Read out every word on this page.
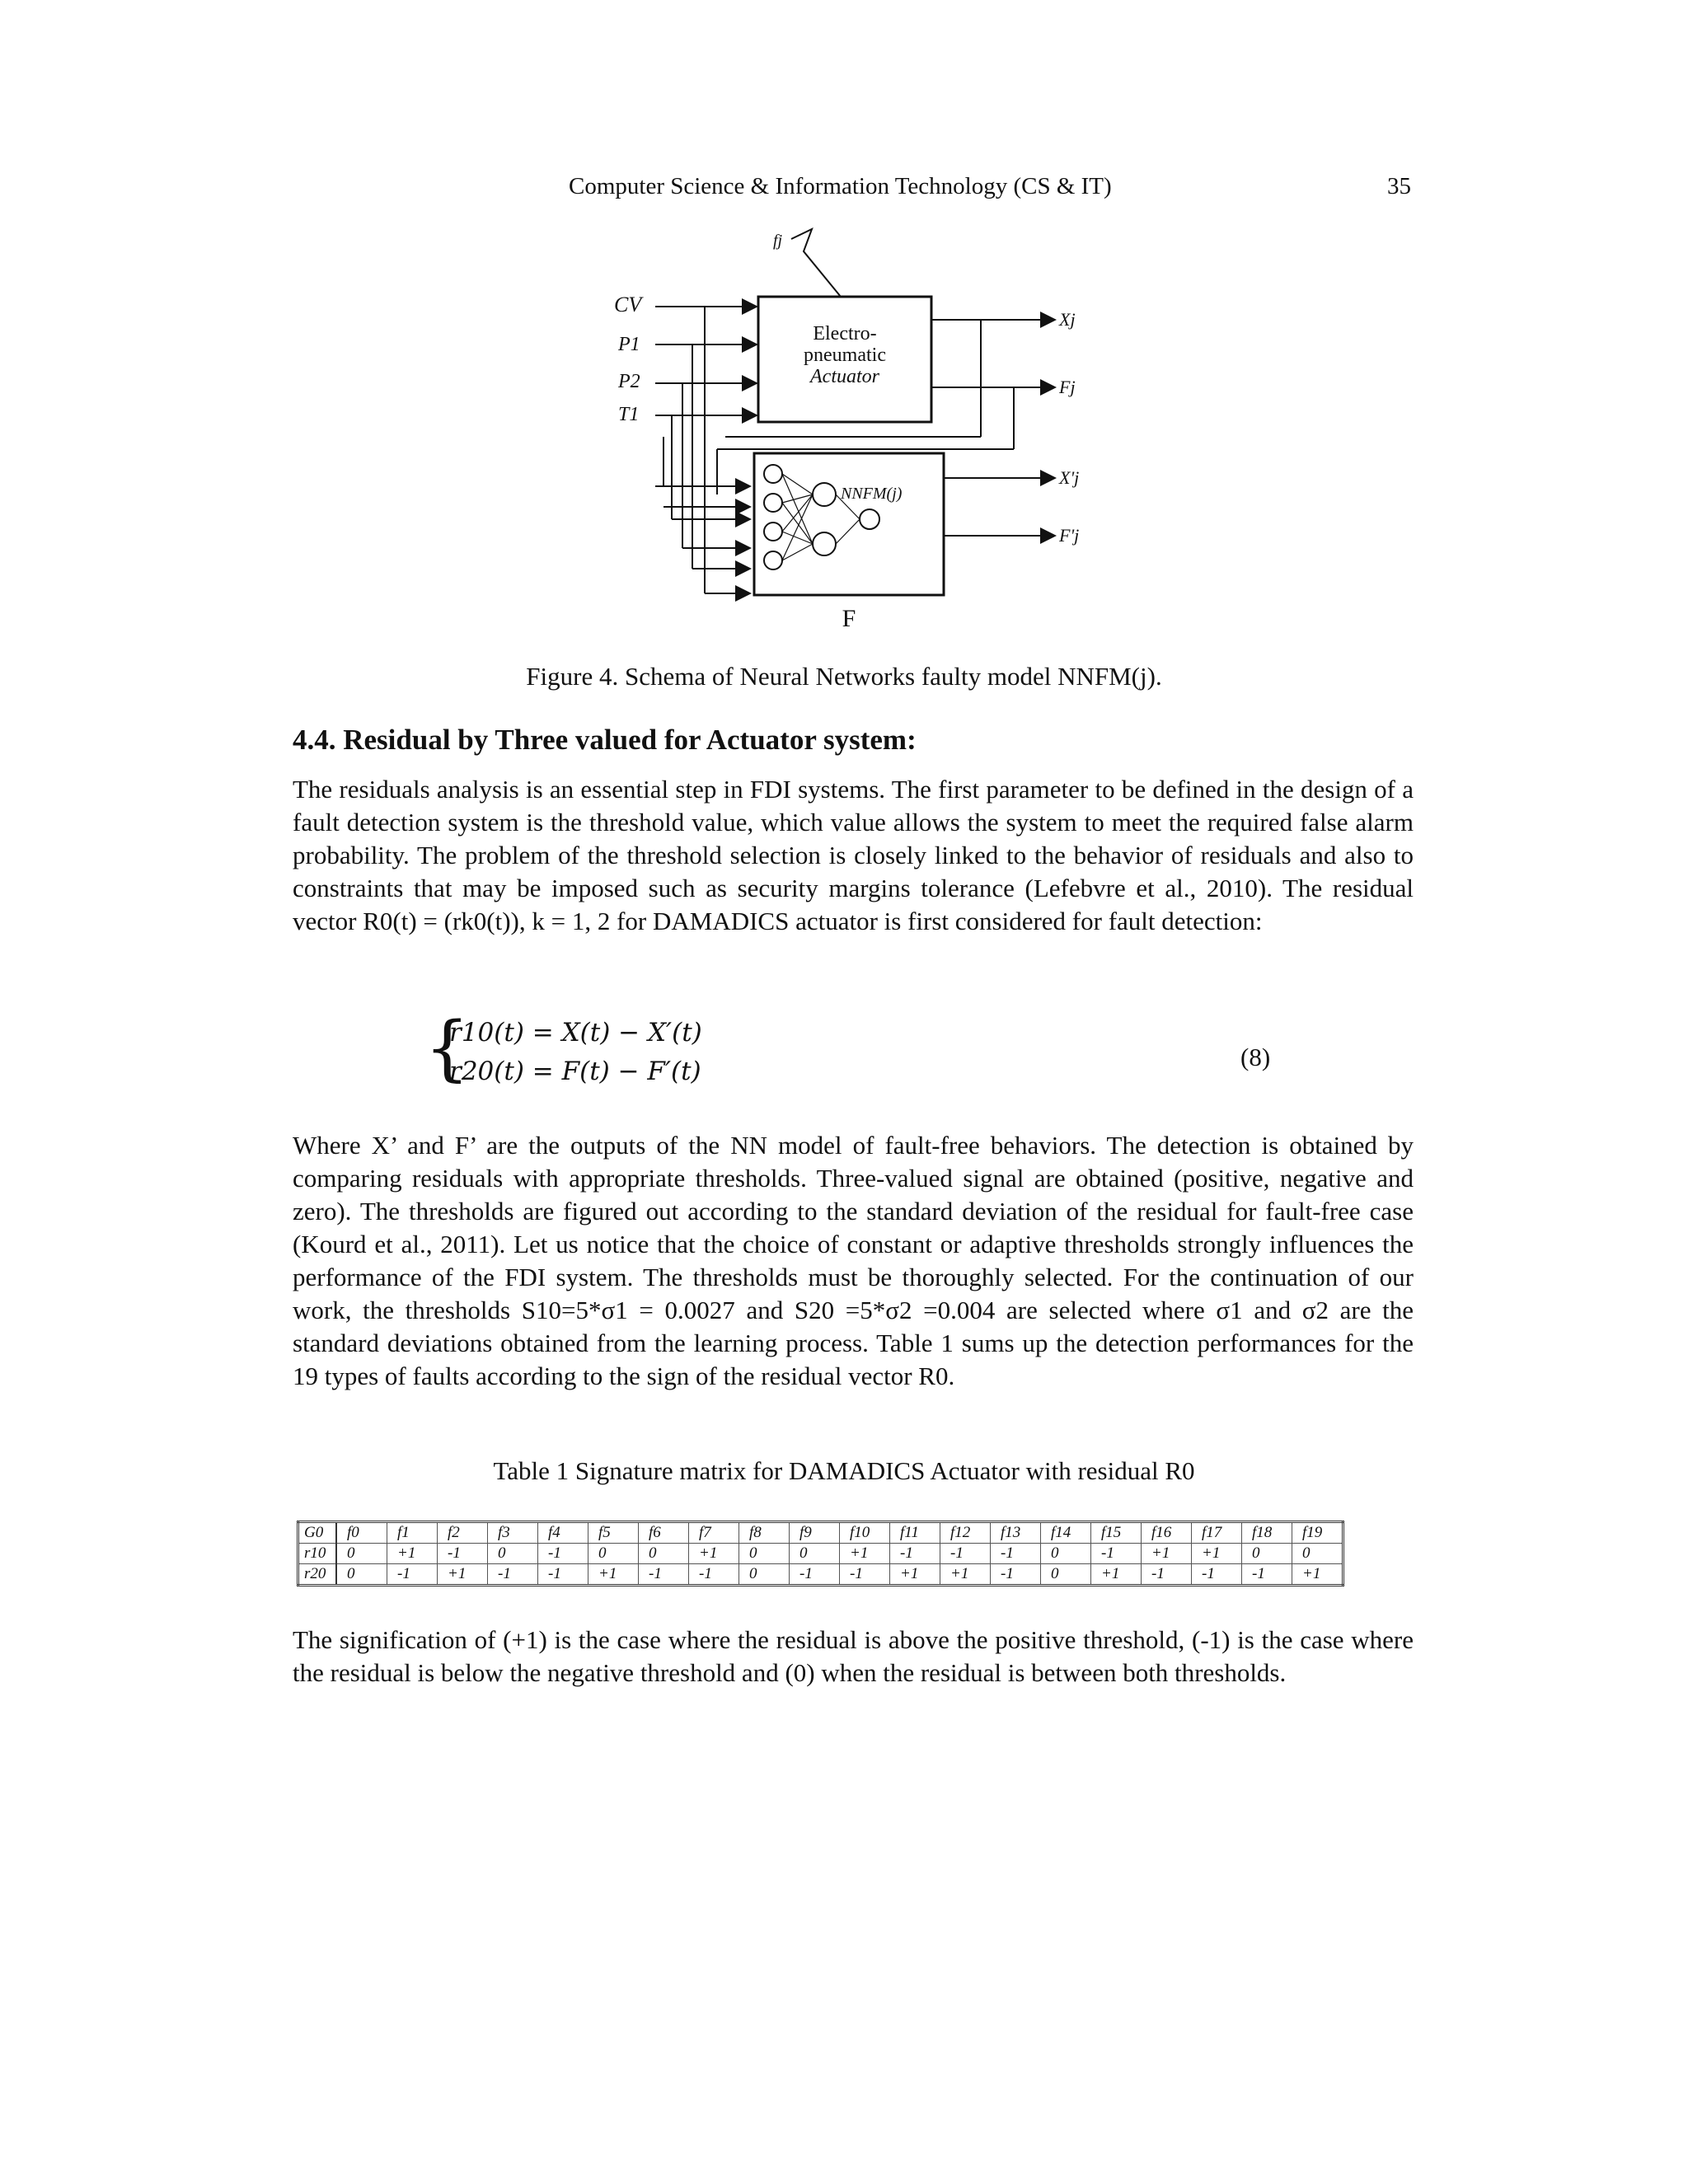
Computer Science & Information Technology (CS & IT)	35
fj
CV
P1
P2
T1
NNFM(j)
Xj
Fj
X'j
F'j
Electro-
pneumatic
Actuator
F
Figure 4. Schema of Neural Networks faulty model NNFM(j).
4.4. Residual by Three valued for Actuator system:
The residuals analysis is an essential step in FDI systems. The first parameter to be defined in the design of a fault detection system is the threshold value, which value allows the system to meet the required false alarm probability. The problem of the threshold selection is closely linked to the behavior of residuals and also to constraints that may be imposed such as security margins tolerance (Lefebvre et al., 2010). The residual vector R0(t) = (rk0(t)), k = 1, 2 for DAMADICS actuator is first considered for fault detection:
{
r10(t) = X(t) − X′(t)
r20(t) = F(t) − F′(t)	(8)
Where X’ and F’ are the outputs of the NN model of fault-free behaviors. The detection is obtained by comparing residuals with appropriate thresholds. Three-valued signal are obtained (positive, negative and zero). The thresholds are figured out according to the standard deviation of the residual for fault-free case (Kourd et al., 2011). Let us notice that the choice of constant or adaptive thresholds strongly influences the performance of the FDI system. The thresholds must be thoroughly selected. For the continuation of our work, the thresholds S10=5*σ1 = 0.0027 and S20 =5*σ2 =0.004 are selected where σ1 and σ2 are the standard deviations obtained from the learning process. Table 1 sums up the detection performances for the 19 types of faults according to the sign of the residual vector R0.
Table 1 Signature matrix for DAMADICS Actuator with residual R0
G0	f0	f1	f2	f3	f4	f5	f6	f7	f8	f9	f10	f11	f12	f13	f14	f15	f16	f17	f18	f19
r10	0	+1	-1	0	-1	0	0	+1	0	0	+1	-1	-1	-1	0	-1	+1	+1	0	0
r20	0	-1	+1	-1	-1	+1	-1	-1	0	-1	-1	+1	+1	-1	0	+1	-1	-1	-1	+1
The signification of (+1) is the case where the residual is above the positive threshold, (-1) is the case where the residual is below the negative threshold and (0) when the residual is between both thresholds.
